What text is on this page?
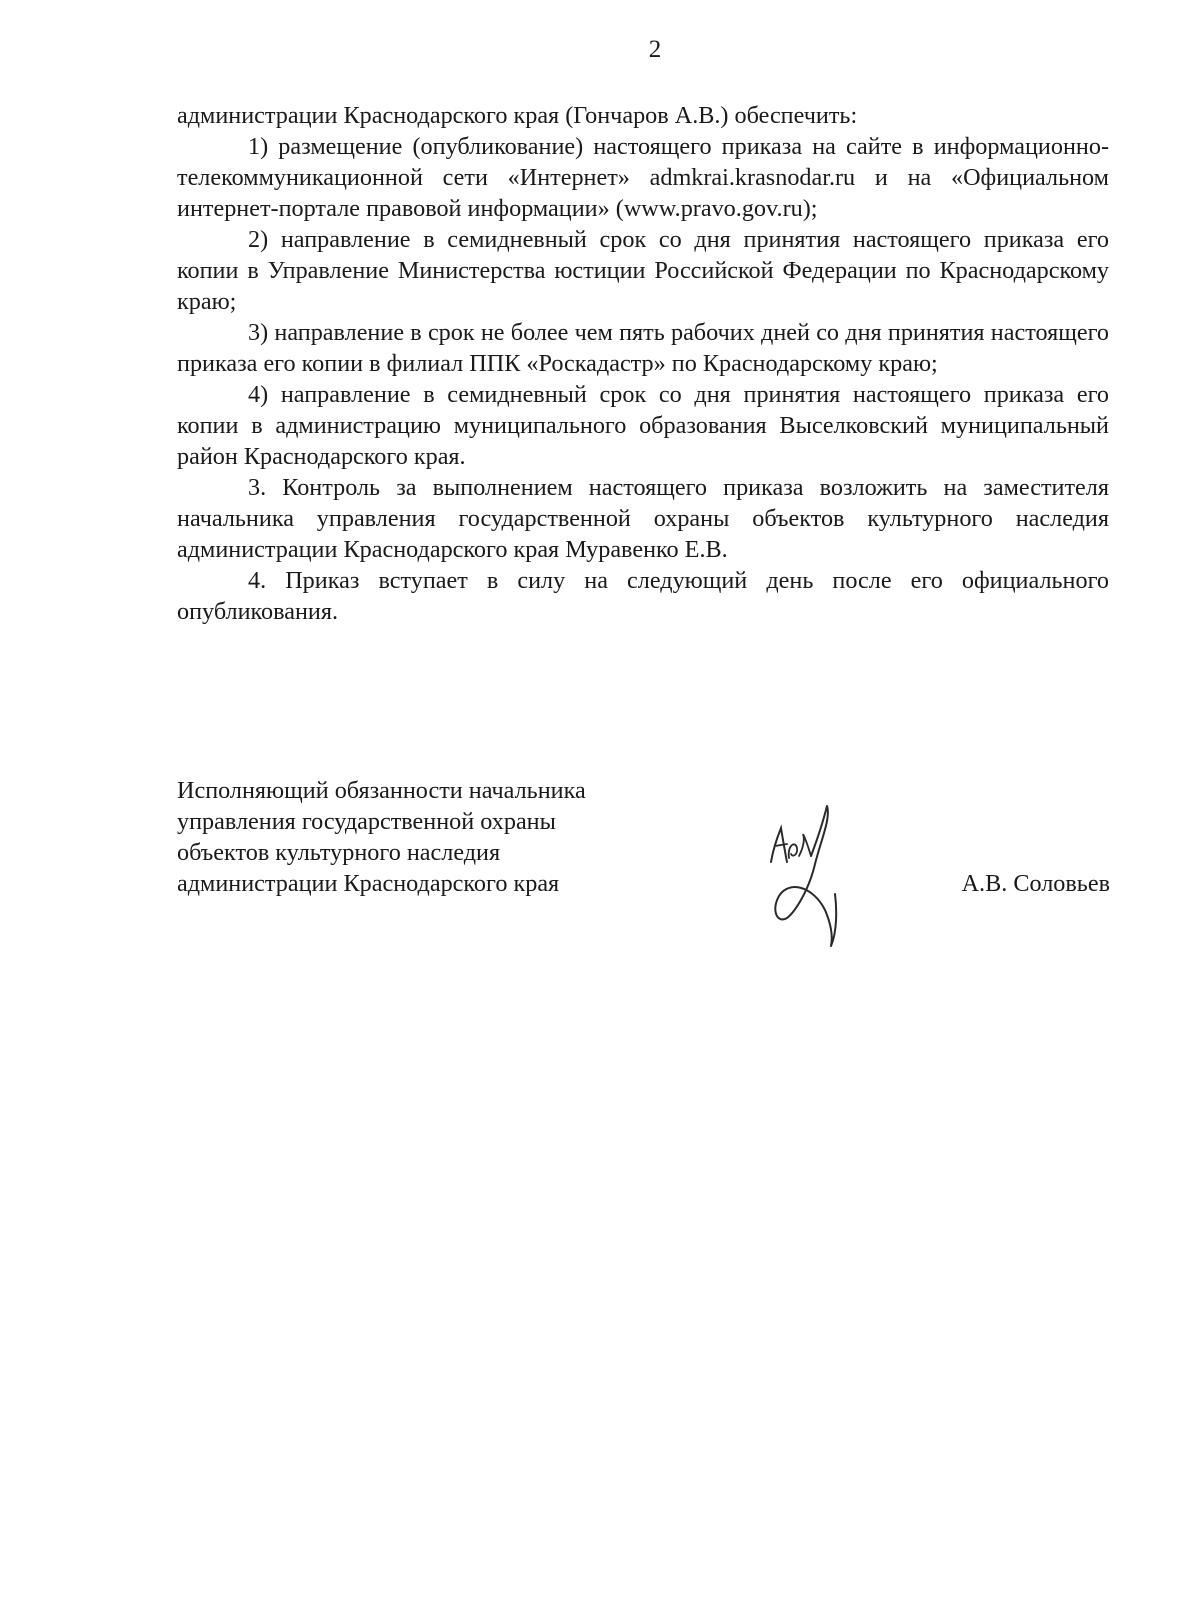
2

администрации Краснодарского края (Гончаров А.В.) обеспечить:

1) размещение (опубликование) настоящего приказа на сайте в информационно-телекоммуникационной сети «Интернет» admkrai.krasnodar.ru и на «Официальном интернет-портале правовой информации» (www.pravo.gov.ru);

2) направление в семидневный срок со дня принятия настоящего приказа его копии в Управление Министерства юстиции Российской Федерации по Краснодарскому краю;

3) направление в срок не более чем пять рабочих дней со дня принятия настоящего приказа его копии в филиал ППК «Роскадастр» по Краснодарскому краю;

4) направление в семидневный срок со дня принятия настоящего приказа его копии в администрацию муниципального образования Выселковский муниципальный район Краснодарского края.

3. Контроль за выполнением настоящего приказа возложить на заместителя начальника управления государственной охраны объектов культурного наследия администрации Краснодарского края Муравенко Е.В.

4. Приказ вступает в силу на следующий день после его официального опубликования.

Исполняющий обязанности начальника
управления государственной охраны
объектов культурного наследия
администрации Краснодарского края	А.В. Соловьев
